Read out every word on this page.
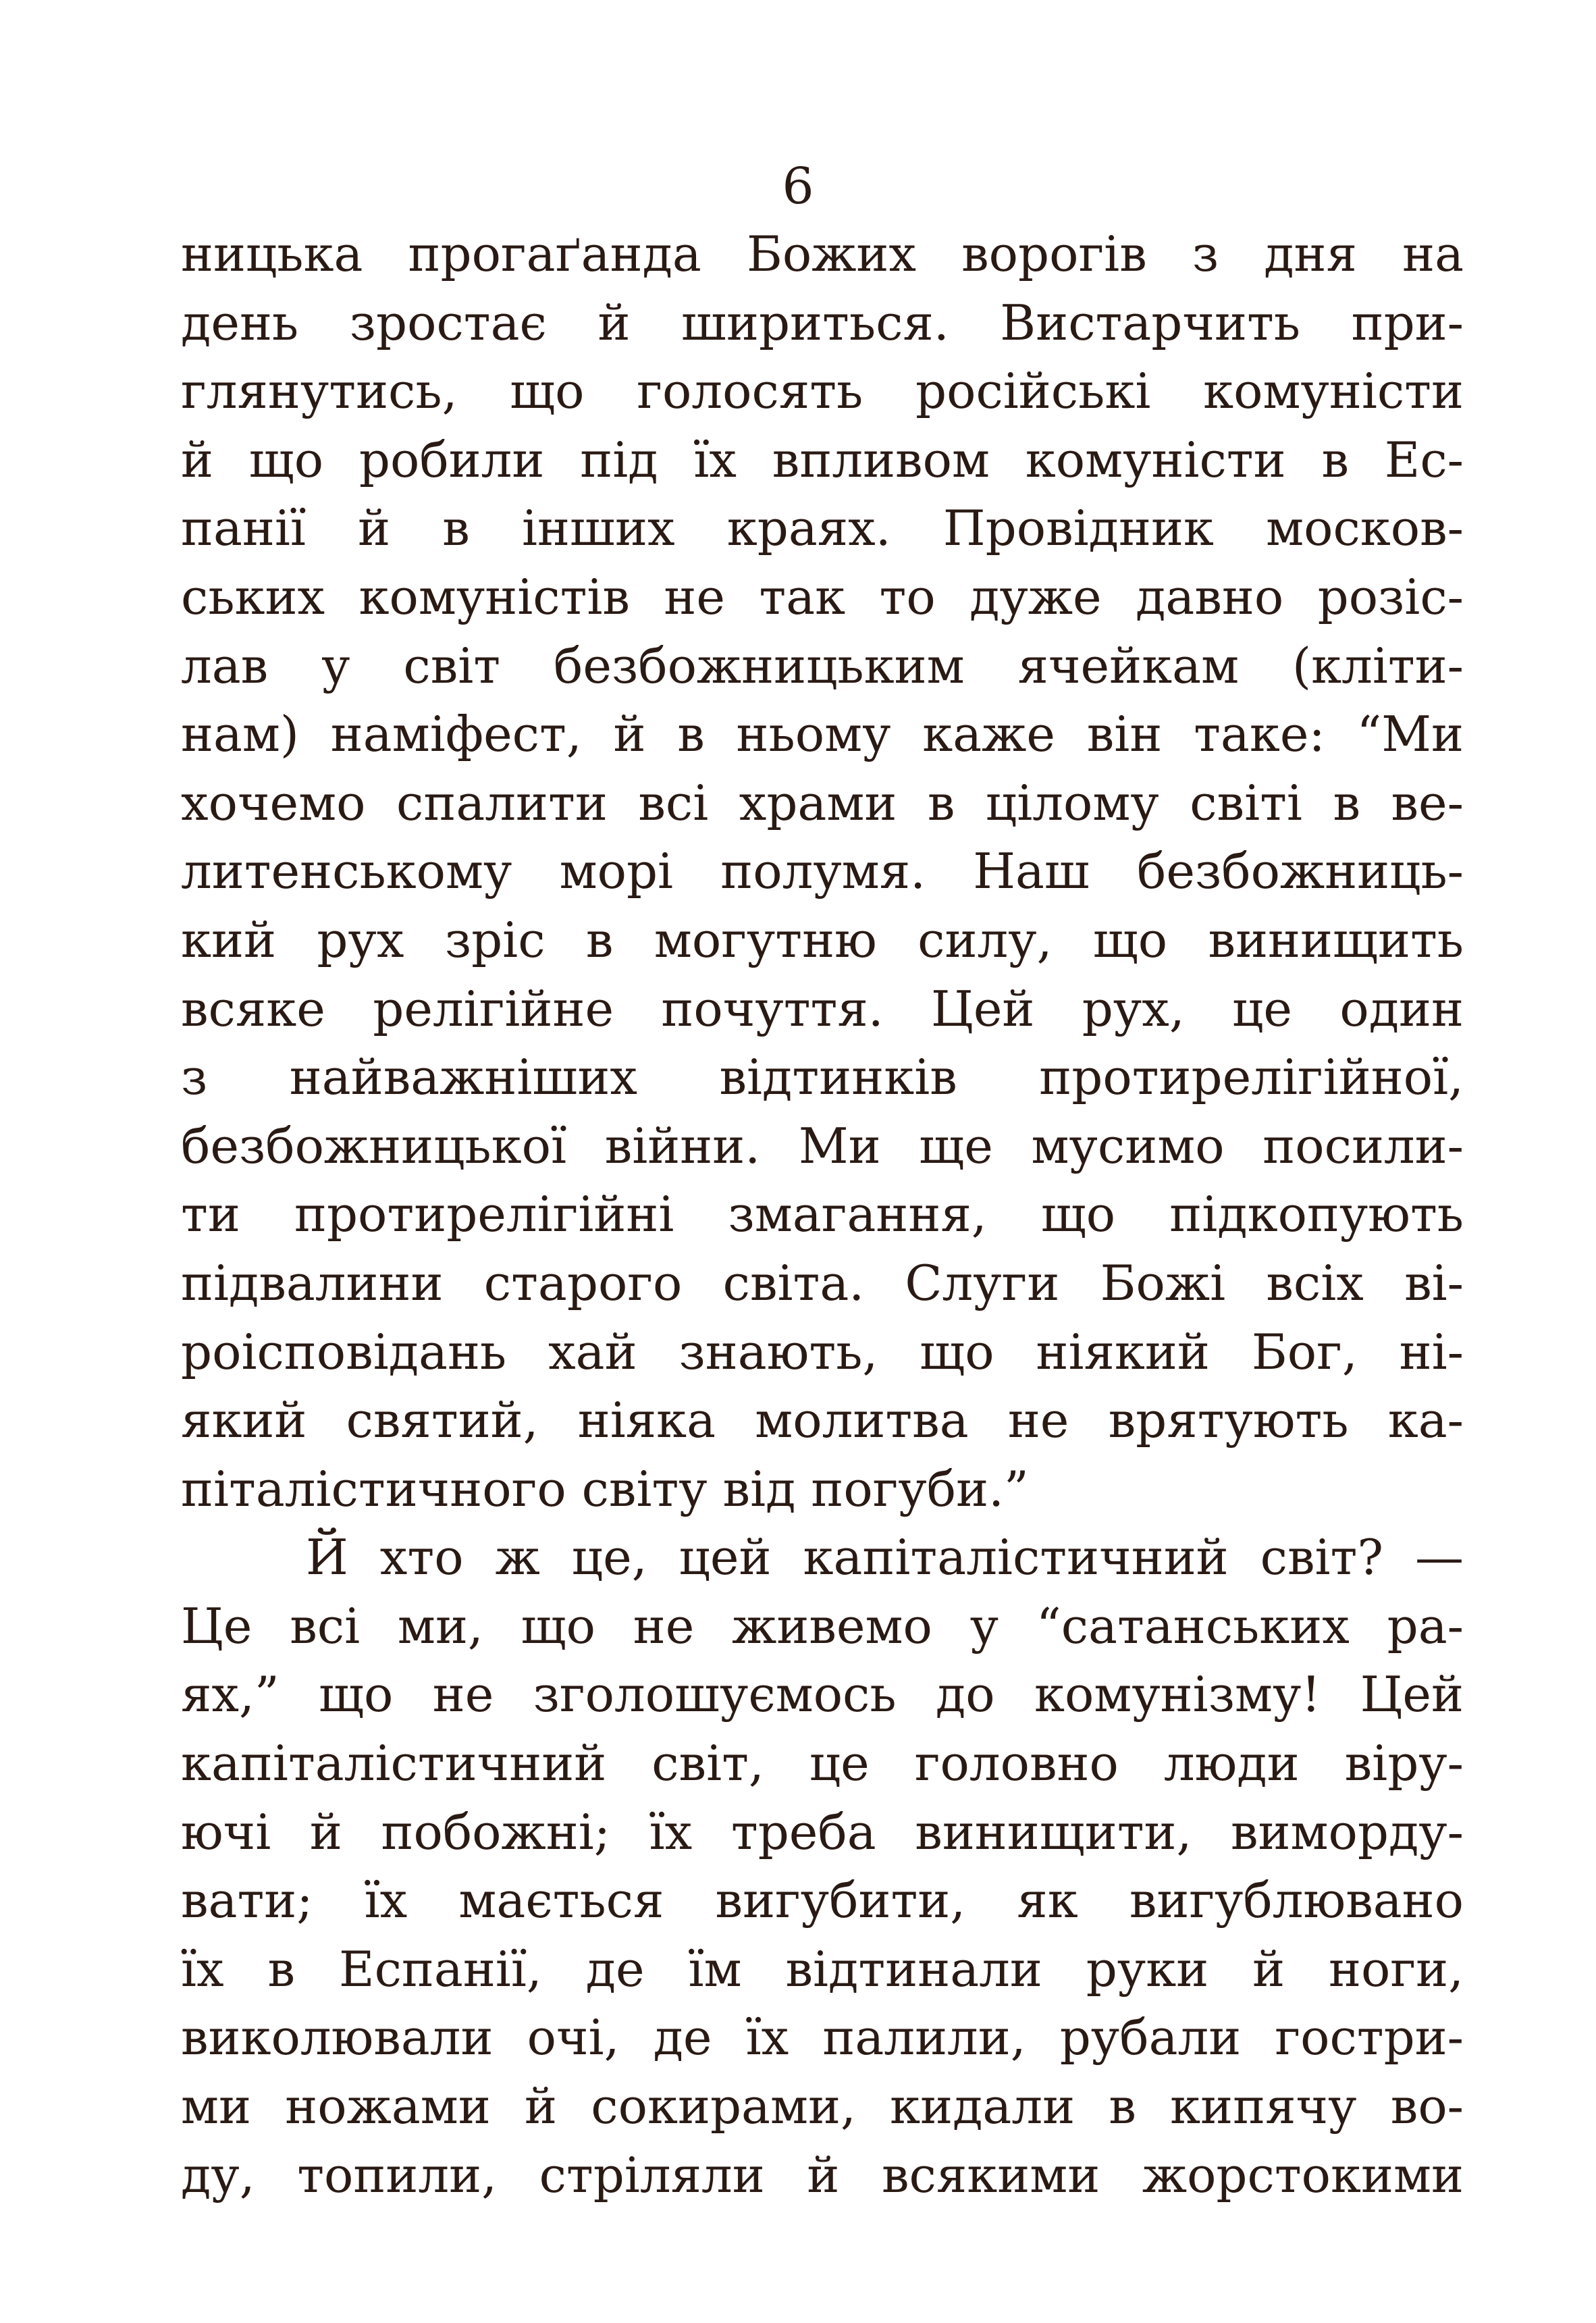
6
ницька прогаґанда Божих ворогів з дня на
день зростає й шириться. Вистарчить при-
глянутись, що голосять російські комуністи
й що робили під їх впливом комуністи в Ес-
панії й в інших краях. Провідник москов-
ських комуністів не так то дуже давно розіс-
лав у світ безбожницьким ячейкам (кліти-
нам) наміфест, й в ньому каже він таке: “Ми
хочемо спалити всі храми в цілому світі в ве-
литенському морі полумя. Наш безбожниць-
кий рух зріс в могутню силу, що винищить
всяке релігійне почуття. Цей рух, це один
з найважніших відтинків протирелігійної,
безбожницької війни. Ми ще мусимо посили-
ти протирелігійні змагання, що підкопують
підвалини старого світа. Слуги Божі всіх ві-
роісповідань хай знають, що ніякий Бог, ні-
який святий, ніяка молитва не врятують ка-
піталістичного світу від погуби.”
Й хто ж це, цей капіталістичний світ? —
Це всі ми, що не живемо у “сатанських ра-
ях,” що не зголошуємось до комунізму! Цей
капіталістичний світ, це головно люди віру-
ючі й побожні; їх треба винищити, виморду-
вати; їх мається вигубити, як вигублювано
їх в Еспанії, де їм відтинали руки й ноги,
виколювали очі, де їх палили, рубали гостри-
ми ножами й сокирами, кидали в кипячу во-
ду, топили, стріляли й всякими жорстокими
